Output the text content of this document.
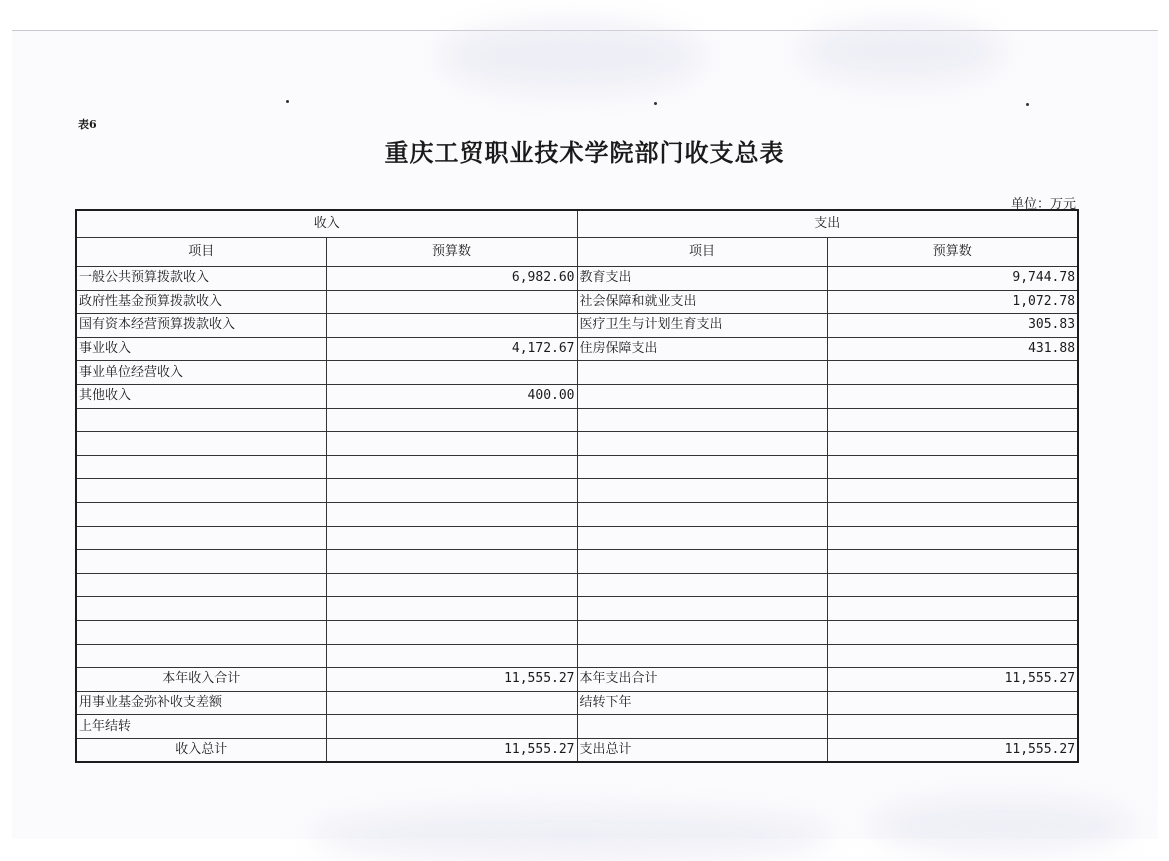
表6
重庆工贸职业技术学院部门收支总表
单位：万元
收入		支出	
项目	预算数	项目	预算数
一般公共预算拨款收入	6,982.60	教育支出	9,744.78
政府性基金预算拨款收入		社会保障和就业支出	1,072.78
国有资本经营预算拨款收入		医疗卫生与计划生育支出	305.83
事业收入	4,172.67	住房保障支出	431.88
事业单位经营收入			
其他收入	400.00		

本年收入合计	11,555.27	本年支出合计	11,555.27
用事业基金弥补收支差额		结转下年	
上年结转			
收入总计	11,555.27	支出总计	11,555.27
